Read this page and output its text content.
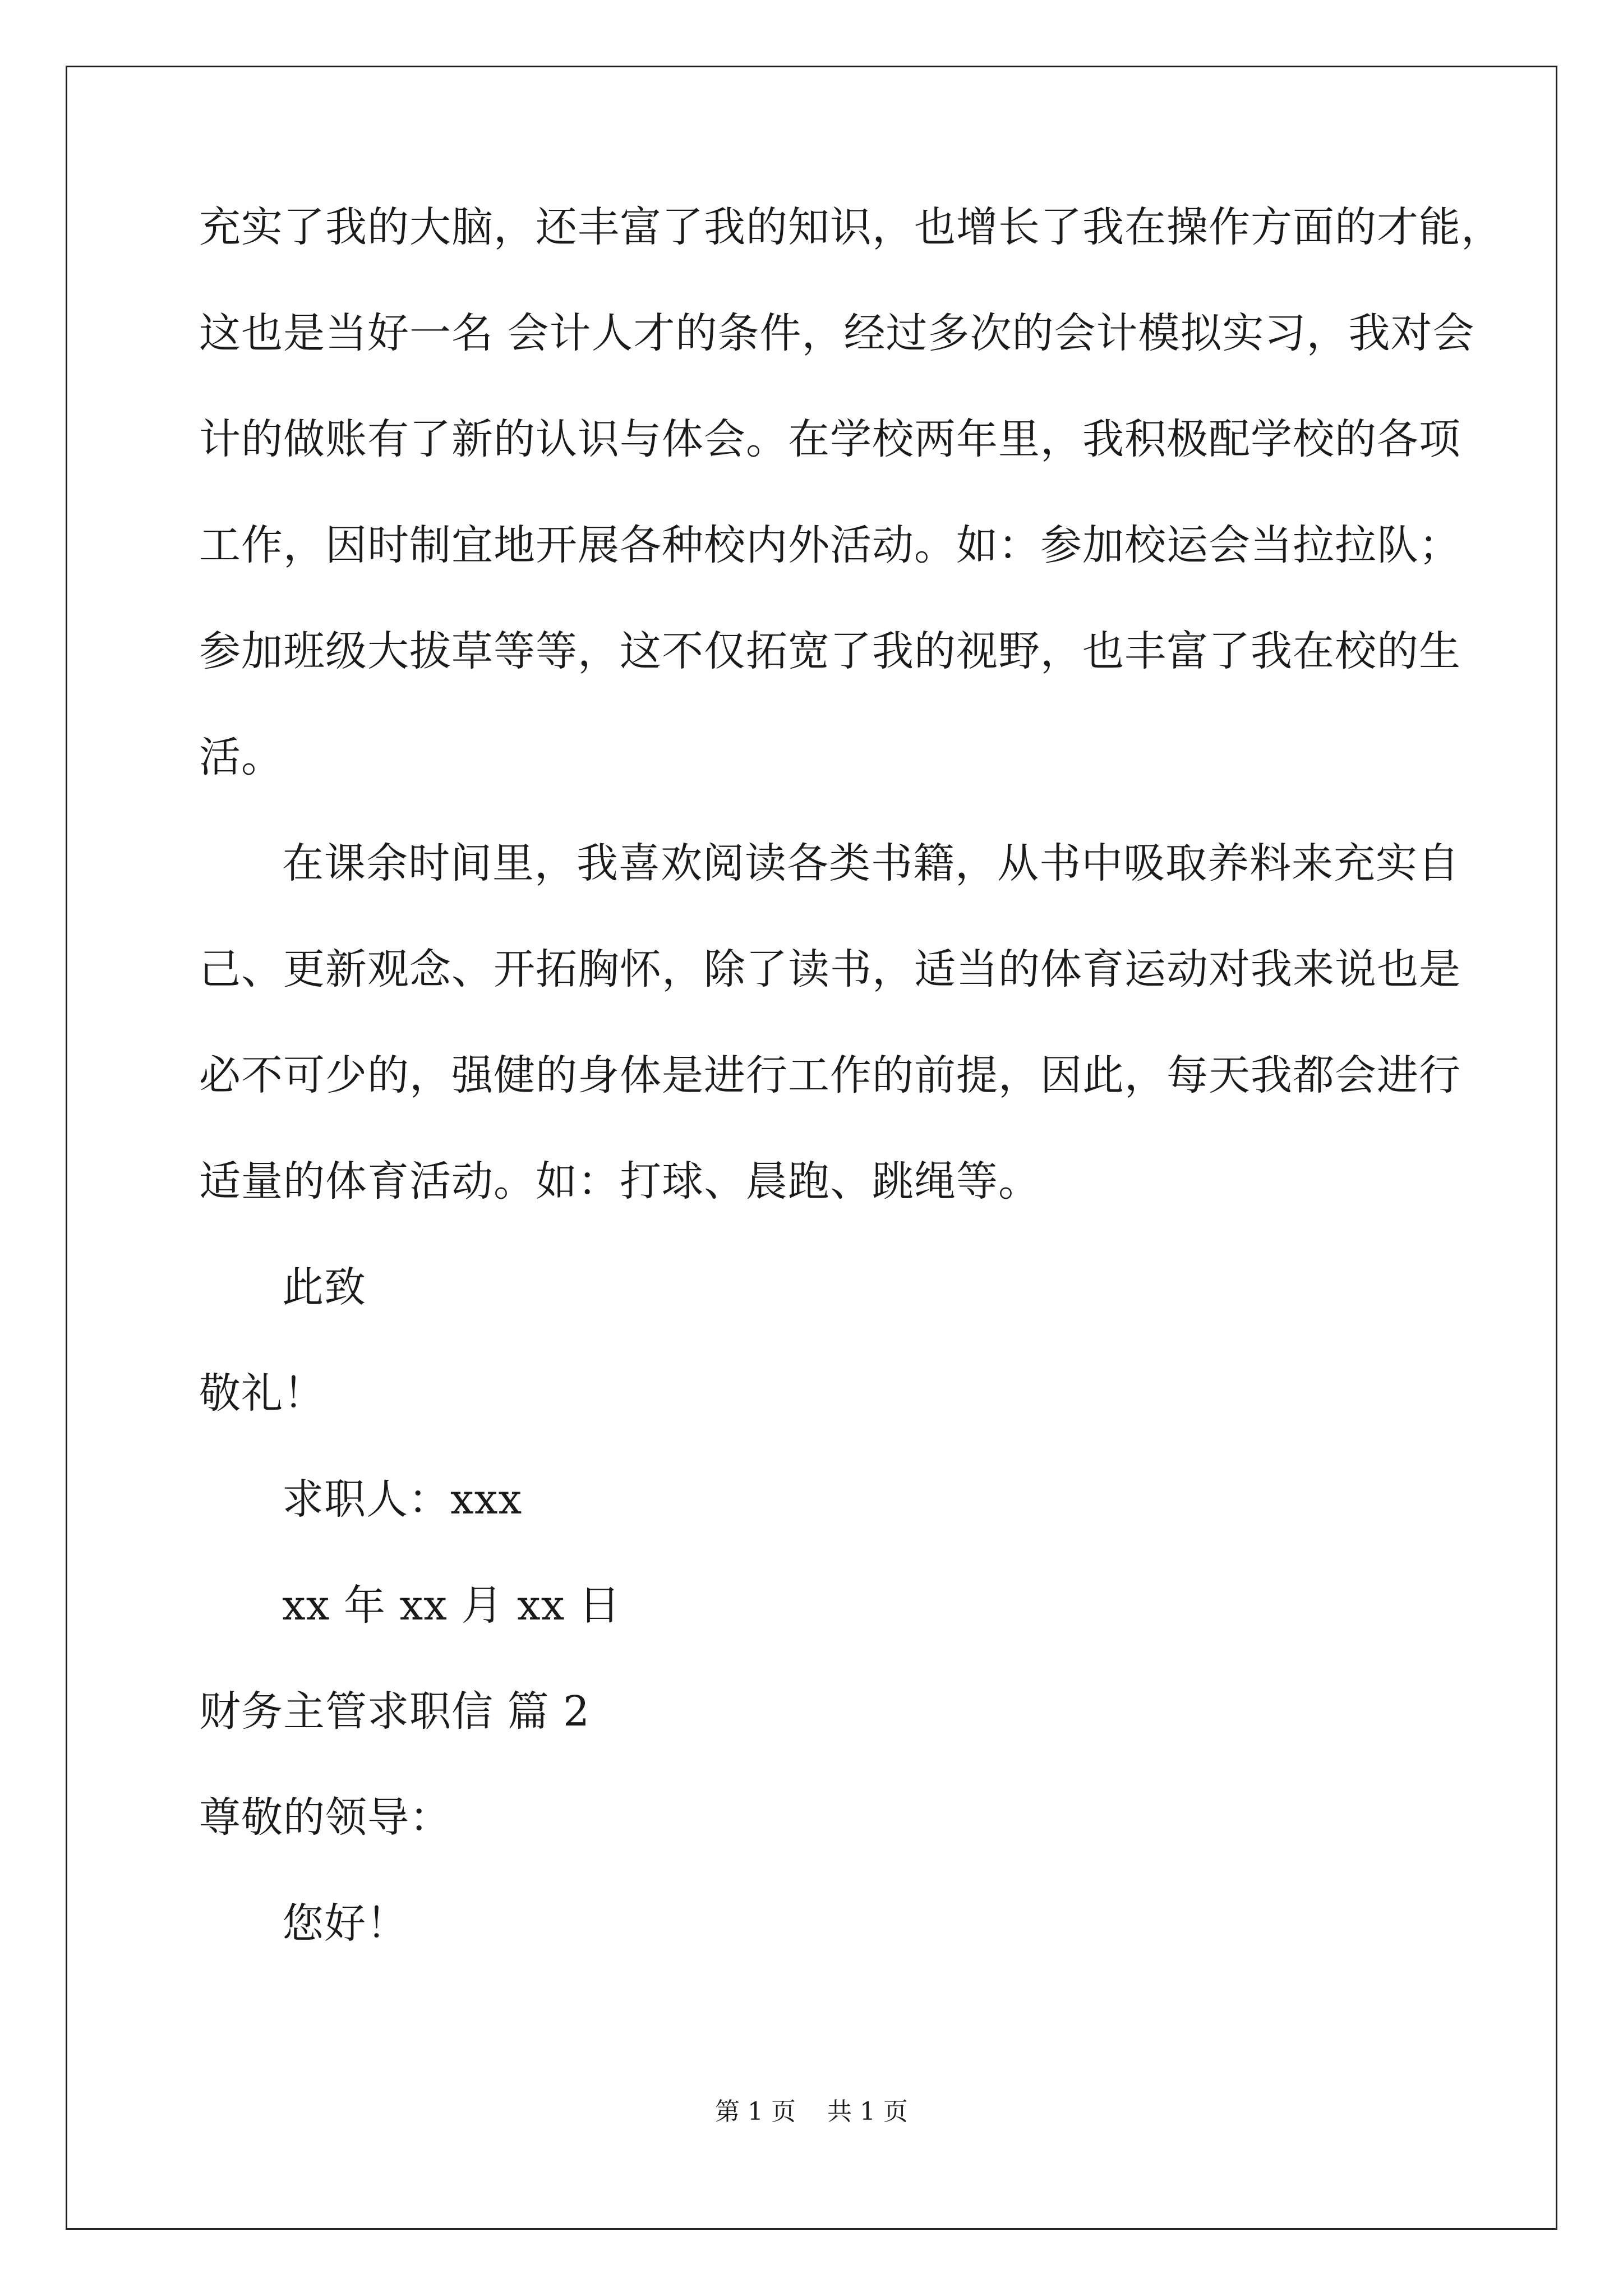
充实了我的大脑，还丰富了我的知识，也增长了我在操作方面的才能，
这也是当好一名 会计人才的条件，经过多次的会计模拟实习，我对会
计的做账有了新的认识与体会。在学校两年里，我积极配学校的各项
工作，因时制宜地开展各种校内外活动。如：参加校运会当拉拉队；
参加班级大拔草等等，这不仅拓宽了我的视野，也丰富了我在校的生
活。
在课余时间里，我喜欢阅读各类书籍，从书中吸取养料来充实自
己、更新观念、开拓胸怀，除了读书，适当的体育运动对我来说也是
必不可少的，强健的身体是进行工作的前提，因此，每天我都会进行
适量的体育活动。如：打球、晨跑、跳绳等。
此致
敬礼！
求职人：xxx
xx 年 xx 月 xx 日
财务主管求职信 篇 2
尊敬的领导：
您好！
第 1 页    共 1 页
